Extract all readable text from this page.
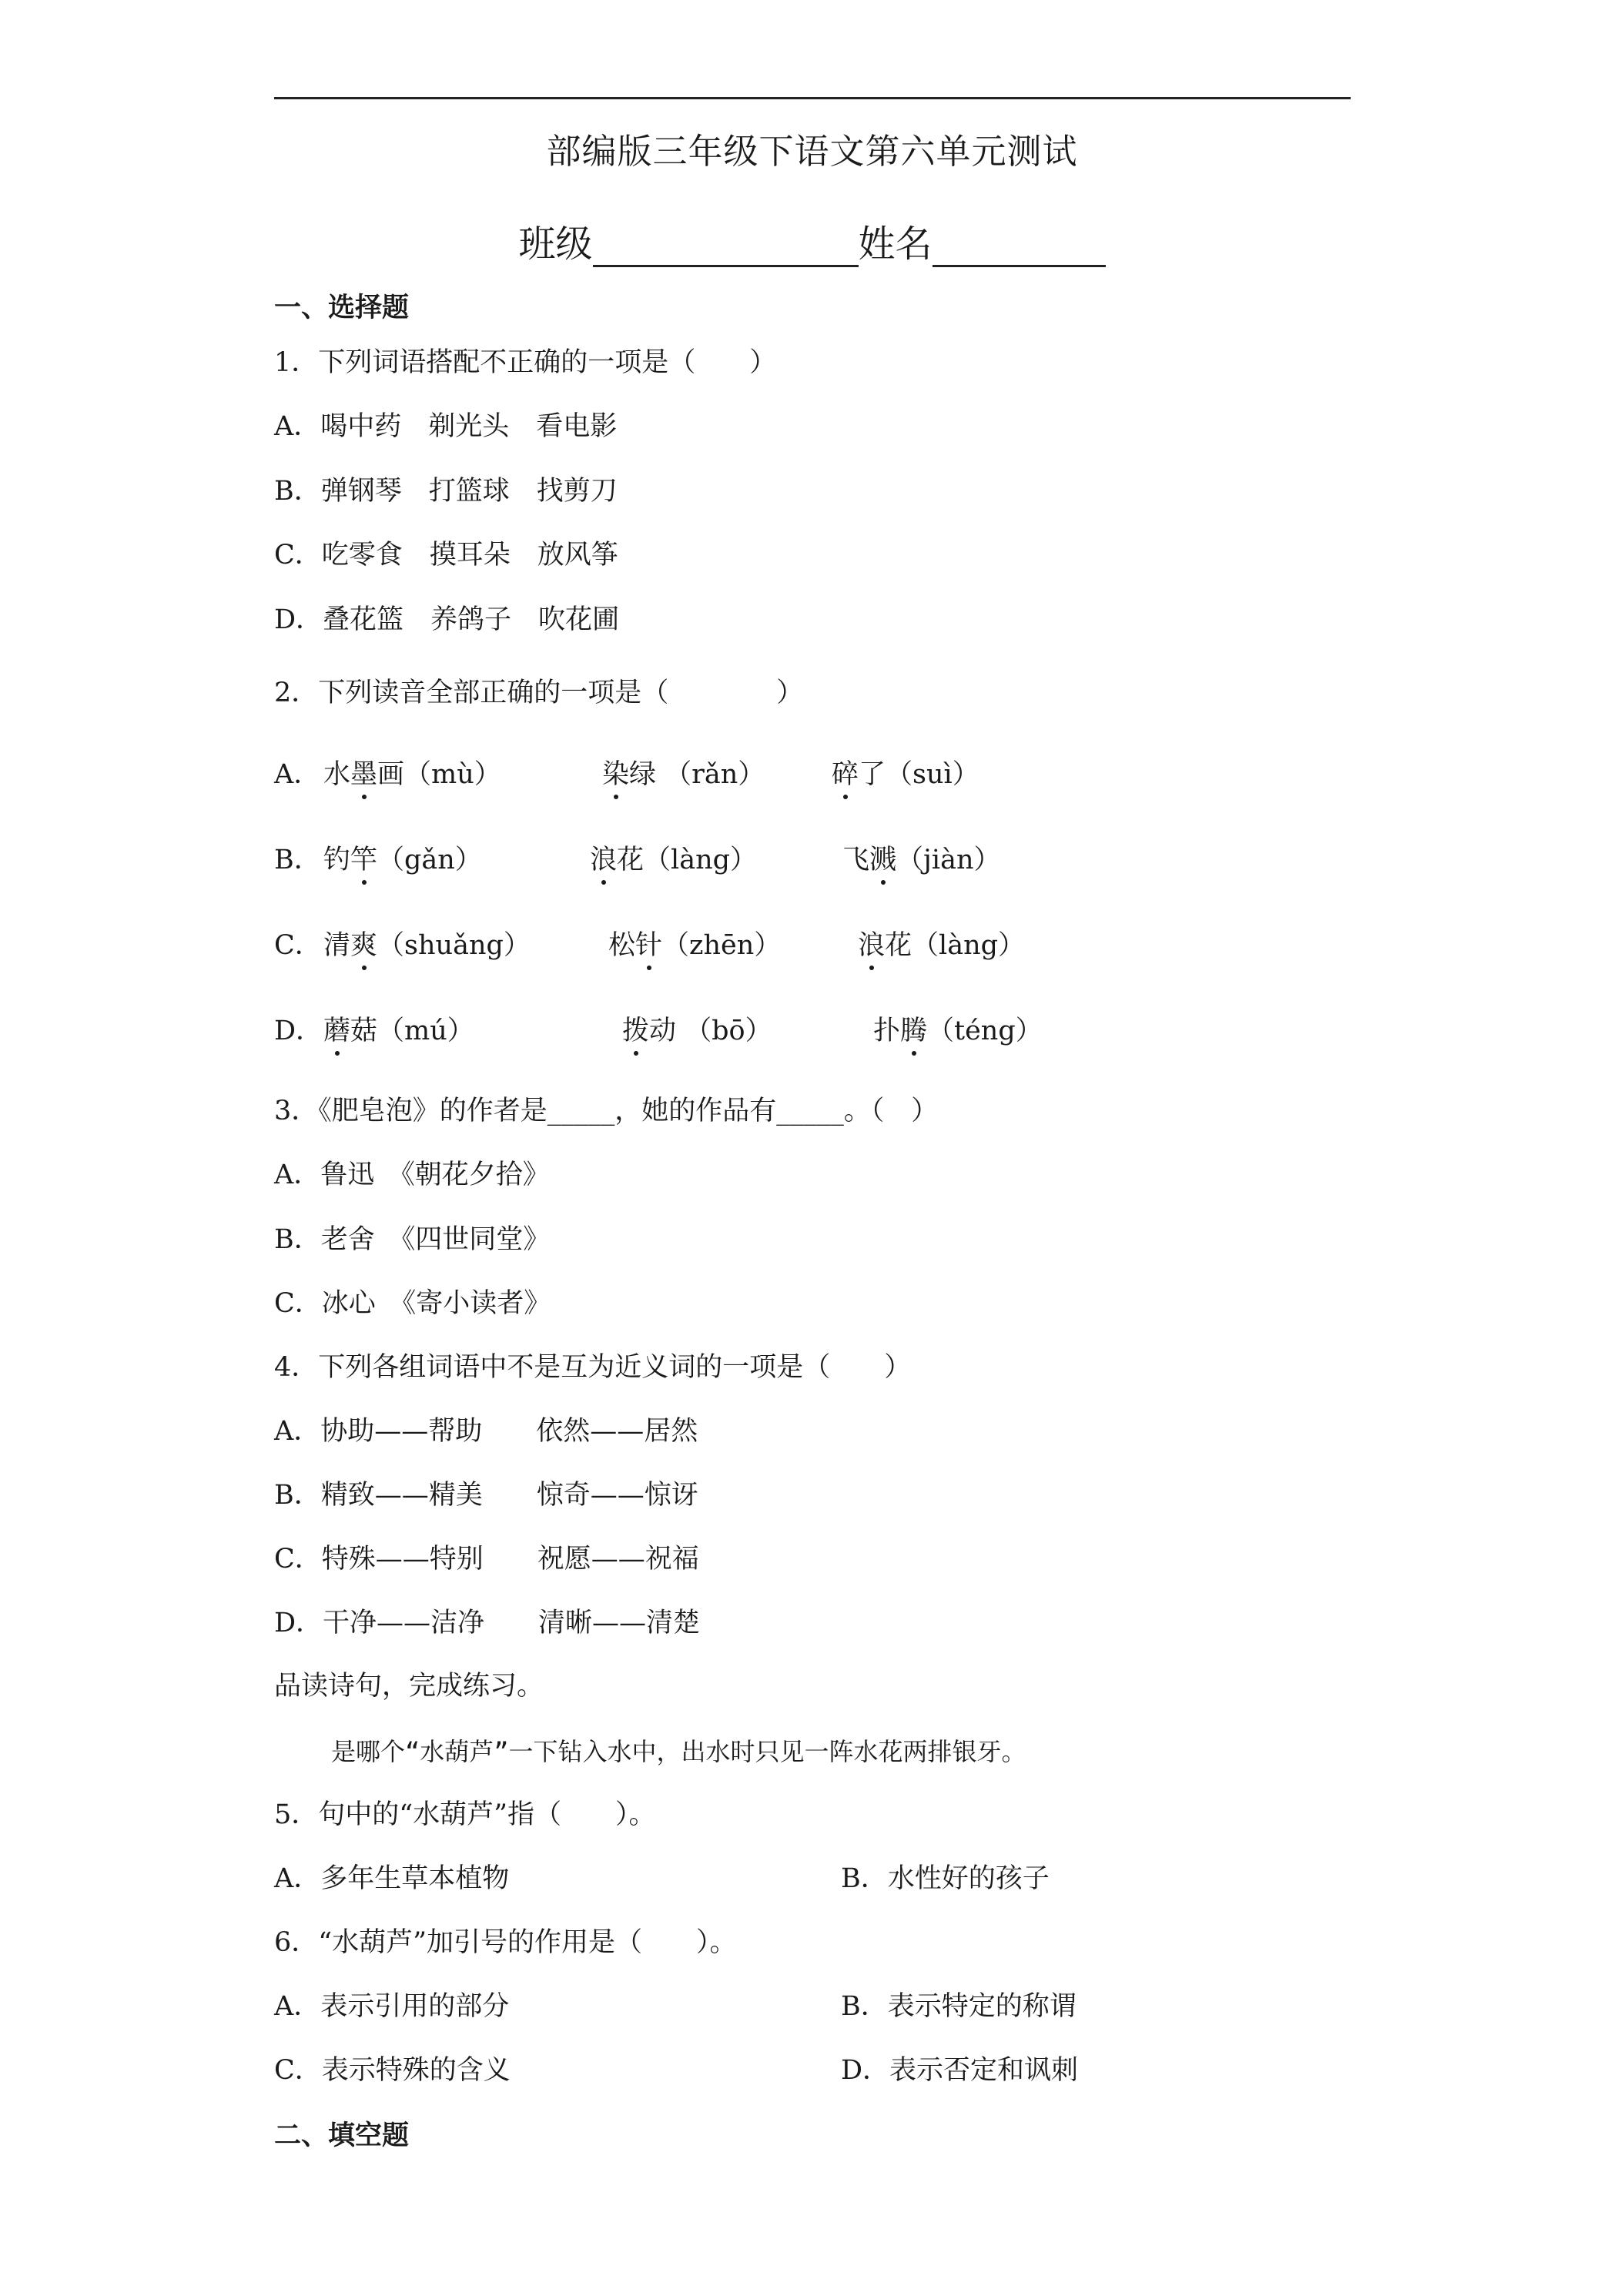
部编版三年级下语文第六单元测试
班级	姓名
一、选择题
1．下列词语搭配不正确的一项是（　　）
A．喝中药　剃光头　看电影
B．弹钢琴　打篮球　找剪刀
C．吃零食　摸耳朵　放风筝
D．叠花篮　养鸽子　吹花圃
2．下列读音全部正确的一项是（　　　　）
A． 水墨画（mù）	染绿 （rǎn） 碎了（suì）
B． 钓竿（gǎn）	浪花（làng）	飞溅（jiàn）
C． 清爽（shuǎng）	松针（zhēn）	浪花（làng）
D． 蘑菇（mú）	拨动 （bō）	扑腾（téng）
3．《肥皂泡》的作者是_____，她的作品有_____。（　）
A．鲁迅　《朝花夕拾》
B．老舍　《四世同堂》
C．冰心　《寄小读者》
4．下列各组词语中不是互为近义词的一项是（　　）
A．协助——帮助　　依然——居然
B．精致——精美　　惊奇——惊讶
C．特殊——特别　　祝愿——祝福
D．干净——洁净　　清晰——清楚
品读诗句，完成练习。
是哪个“水葫芦”一下钻入水中，出水时只见一阵水花两排银牙。
5．句中的“水葫芦”指（　　）。
A．多年生草本植物	B．水性好的孩子
6．“水葫芦”加引号的作用是（　　）。
A．表示引用的部分	B．表示特定的称谓
C．表示特殊的含义	D．表示否定和讽刺
二、填空题
